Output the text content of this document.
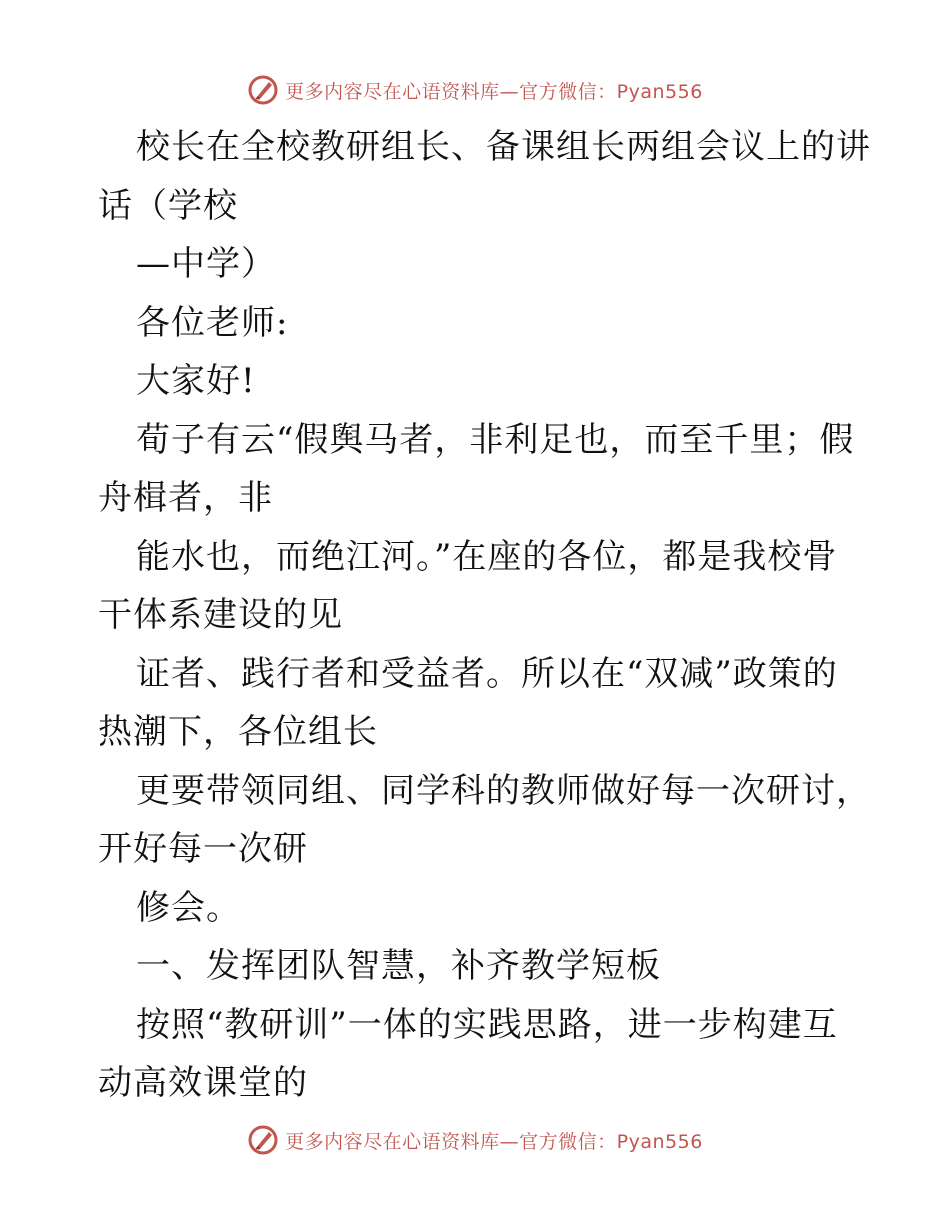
更多内容尽在心语资料库—官方微信：Pyan556
校长在全校教研组长、备课组长两组会议上的讲
话（学校
—中学）
各位老师:
大家好!
荀子有云“假舆马者，非利足也，而至千里；假
舟楫者，非
能水也，而绝江河。”在座的各位，都是我校骨
干体系建设的见
证者、践行者和受益者。所以在“双减”政策的
热潮下，各位组长
更要带领同组、同学科的教师做好每一次研讨，
开好每一次研
修会。
一、发挥团队智慧，补齐教学短板
按照“教研训”一体的实践思路，进一步构建互
动高效课堂的
更多内容尽在心语资料库—官方微信：Pyan556
